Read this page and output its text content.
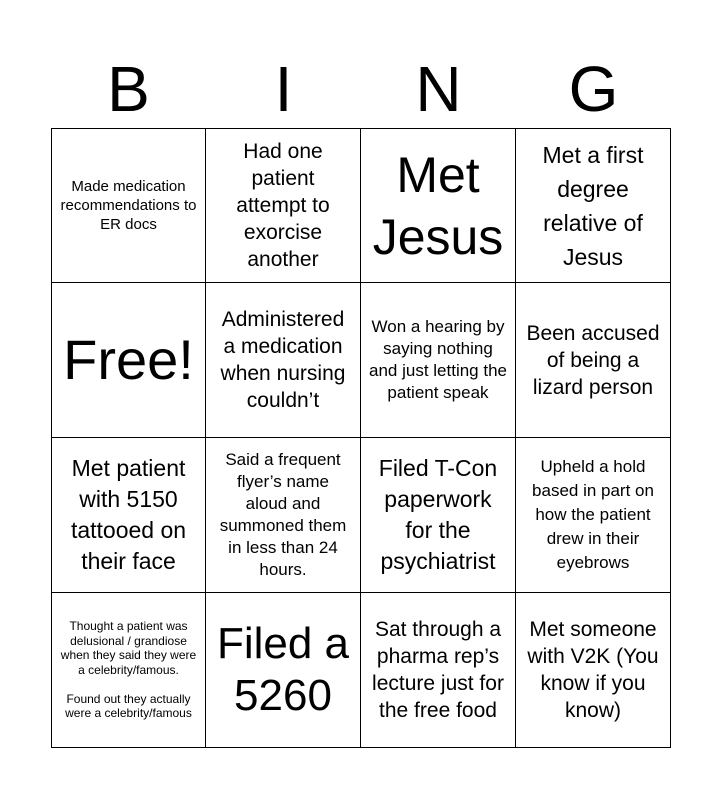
B	I	N	G
Made medication recommendations to ER docs
Had one patient attempt to exorcise another
Met Jesus
Met a first degree relative of Jesus
Free!
Administered a medication when nursing couldn’t
Won a hearing by saying nothing and just letting the patient speak
Been accused of being a lizard person
Met patient with 5150 tattooed on their face
Said a frequent flyer’s name aloud and summoned them in less than 24 hours.
Filed T-Con paperwork for the psychiatrist
Upheld a hold based in part on how the patient drew in their eyebrows
Thought a patient was delusional / grandiose when they said they were a celebrity/famous.

Found out they actually were a celebrity/famous
Filed a 5260
Sat through a pharma rep’s lecture just for the free food
Met someone with V2K (You know if you know)
